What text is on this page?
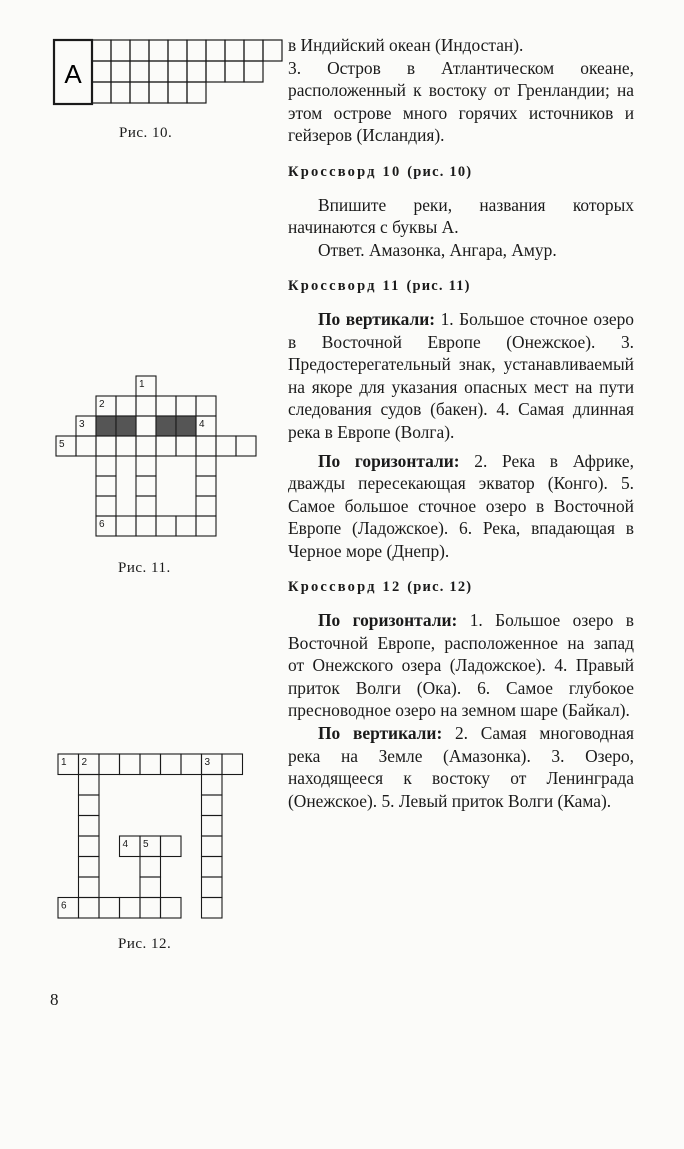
А
Рис. 10.
1
2
3	4
5
6
Рис. 11.
1 2	3
4 5
6
Рис. 12.

в Индийский океан (Индостан).

3. Остров в Атлантическом океане, расположенный к востоку от Гренландии; на этом острове много горячих источников и гейзеров (Исландия).

Кроссворд 10 (рис. 10)

Впишите реки, названия которых начинаются с буквы А.

Ответ. Амазонка, Ангара, Амур.

Кроссворд 11 (рис. 11)

По вертикали: 1. Большое сточное озеро в Восточной Европе (Онежское). 3. Предостерегательный знак, устанавливаемый на якоре для указания опасных мест на пути следования судов (бакен). 4. Самая длинная река в Европе (Волга).

По горизонтали: 2. Река в Африке, дважды пересекающая экватор (Конго). 5. Самое большое сточное озеро в Восточной Европе (Ладожское). 6. Река, впадающая в Черное море (Днепр).

Кроссворд 12 (рис. 12)

По горизонтали: 1. Большое озеро в Восточной Европе, расположенное на запад от Онежского озера (Ладожское). 4. Правый приток Волги (Ока). 6. Самое глубокое пресноводное озеро на земном шаре (Байкал).

По вертикали: 2. Самая многоводная река на Земле (Амазонка). 3. Озеро, находящееся к востоку от Ленинграда (Онежское). 5. Левый приток Волги (Кама).

8
